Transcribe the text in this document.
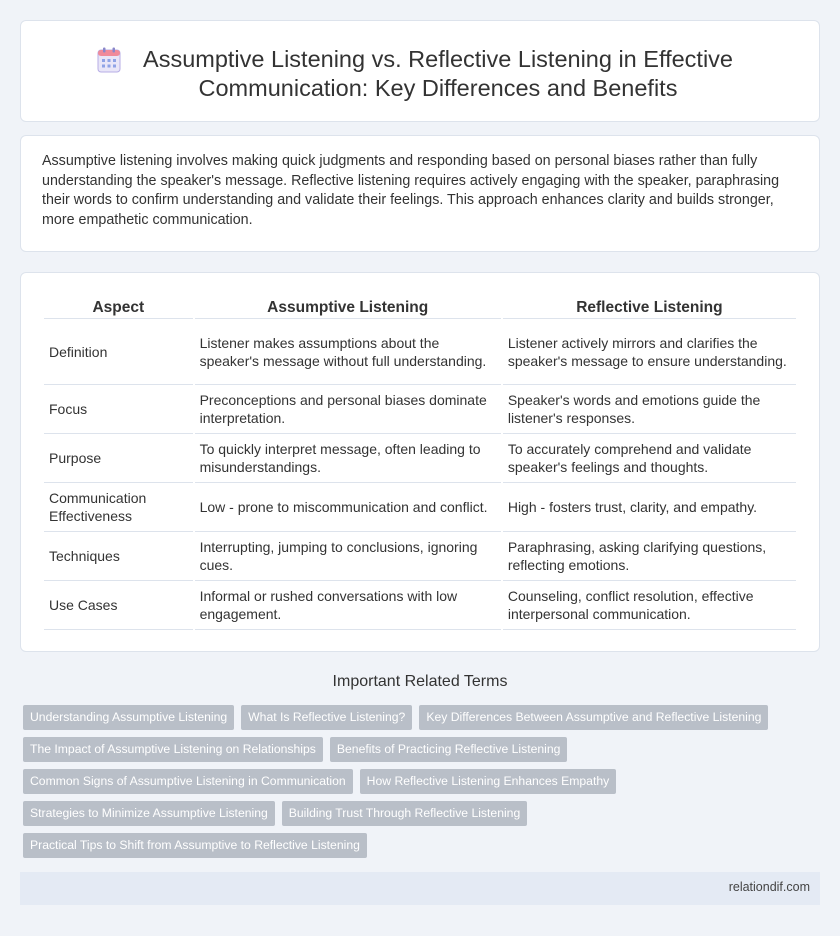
Assumptive Listening vs. Reflective Listening in Effective Communication: Key Differences and Benefits

Assumptive listening involves making quick judgments and responding based on personal biases rather than fully understanding the speaker's message. Reflective listening requires actively engaging with the speaker, paraphrasing their words to confirm understanding and validate their feelings. This approach enhances clarity and builds stronger, more empathetic communication.

Aspect	Assumptive Listening	Reflective Listening
Definition	Listener makes assumptions about the speaker's message without full understanding.	Listener actively mirrors and clarifies the speaker's message to ensure understanding.
Focus	Preconceptions and personal biases dominate interpretation.	Speaker's words and emotions guide the listener's responses.
Purpose	To quickly interpret message, often leading to misunderstandings.	To accurately comprehend and validate speaker's feelings and thoughts.
Communication Effectiveness	Low - prone to miscommunication and conflict.	High - fosters trust, clarity, and empathy.
Techniques	Interrupting, jumping to conclusions, ignoring cues.	Paraphrasing, asking clarifying questions, reflecting emotions.
Use Cases	Informal or rushed conversations with low engagement.	Counseling, conflict resolution, effective interpersonal communication.
Important Related Terms
Understanding Assumptive Listening	What Is Reflective Listening?	Key Differences Between Assumptive and Reflective Listening
The Impact of Assumptive Listening on Relationships	Benefits of Practicing Reflective Listening
Common Signs of Assumptive Listening in Communication	How Reflective Listening Enhances Empathy
Strategies to Minimize Assumptive Listening	Building Trust Through Reflective Listening
Practical Tips to Shift from Assumptive to Reflective Listening
relationdif.com
